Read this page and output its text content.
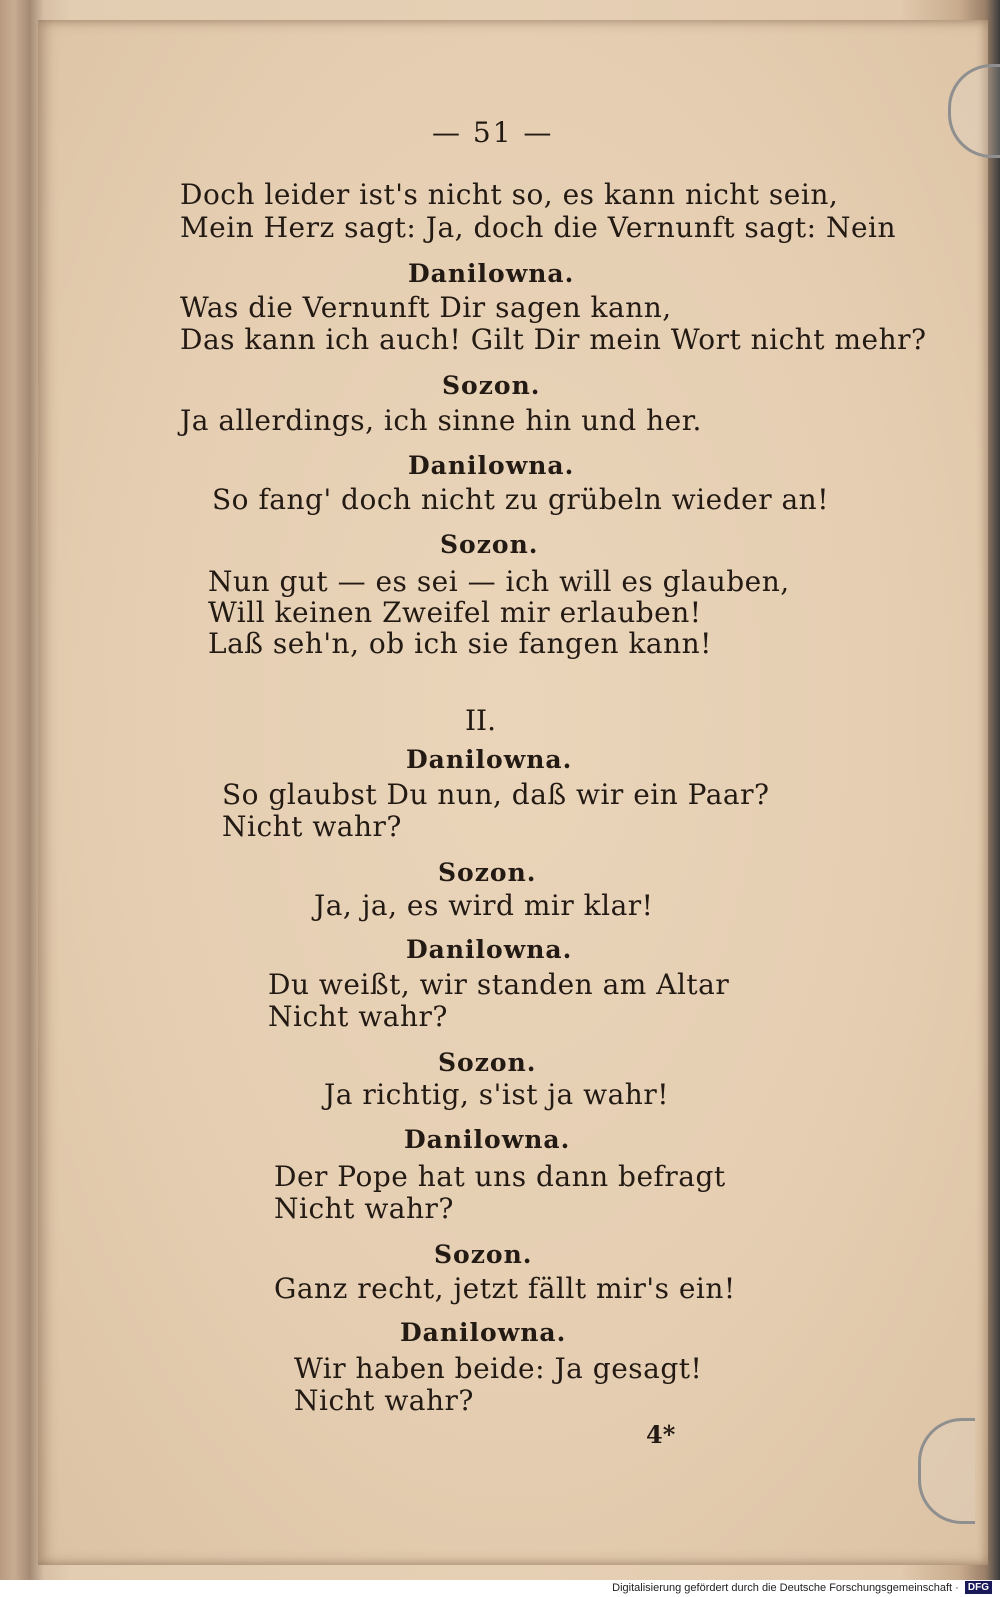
— 51 —
Doch leider ist's nicht so, es kann nicht sein,
Mein Herz sagt: Ja, doch die Vernunft sagt: Nein
Danilowna.
Was die Vernunft Dir sagen kann,
Das kann ich auch! Gilt Dir mein Wort nicht mehr?
Sozon.
Ja allerdings, ich sinne hin und her.
Danilowna.
So fang' doch nicht zu grübeln wieder an!
Sozon.
Nun gut — es sei — ich will es glauben,
Will keinen Zweifel mir erlauben!
Laß seh'n, ob ich sie fangen kann!
II.
Danilowna.
So glaubst Du nun, daß wir ein Paar?
Nicht wahr?
Sozon.
Ja, ja, es wird mir klar!
Danilowna.
Du weißt, wir standen am Altar
Nicht wahr?
Sozon.
Ja richtig, s'ist ja wahr!
Danilowna.
Der Pope hat uns dann befragt
Nicht wahr?
Sozon.
Ganz recht, jetzt fällt mir's ein!
Danilowna.
Wir haben beide: Ja gesagt!
Nicht wahr?
4*
Digitalisierung gefördert durch die Deutsche Forschungsgemeinschaft · DFG
